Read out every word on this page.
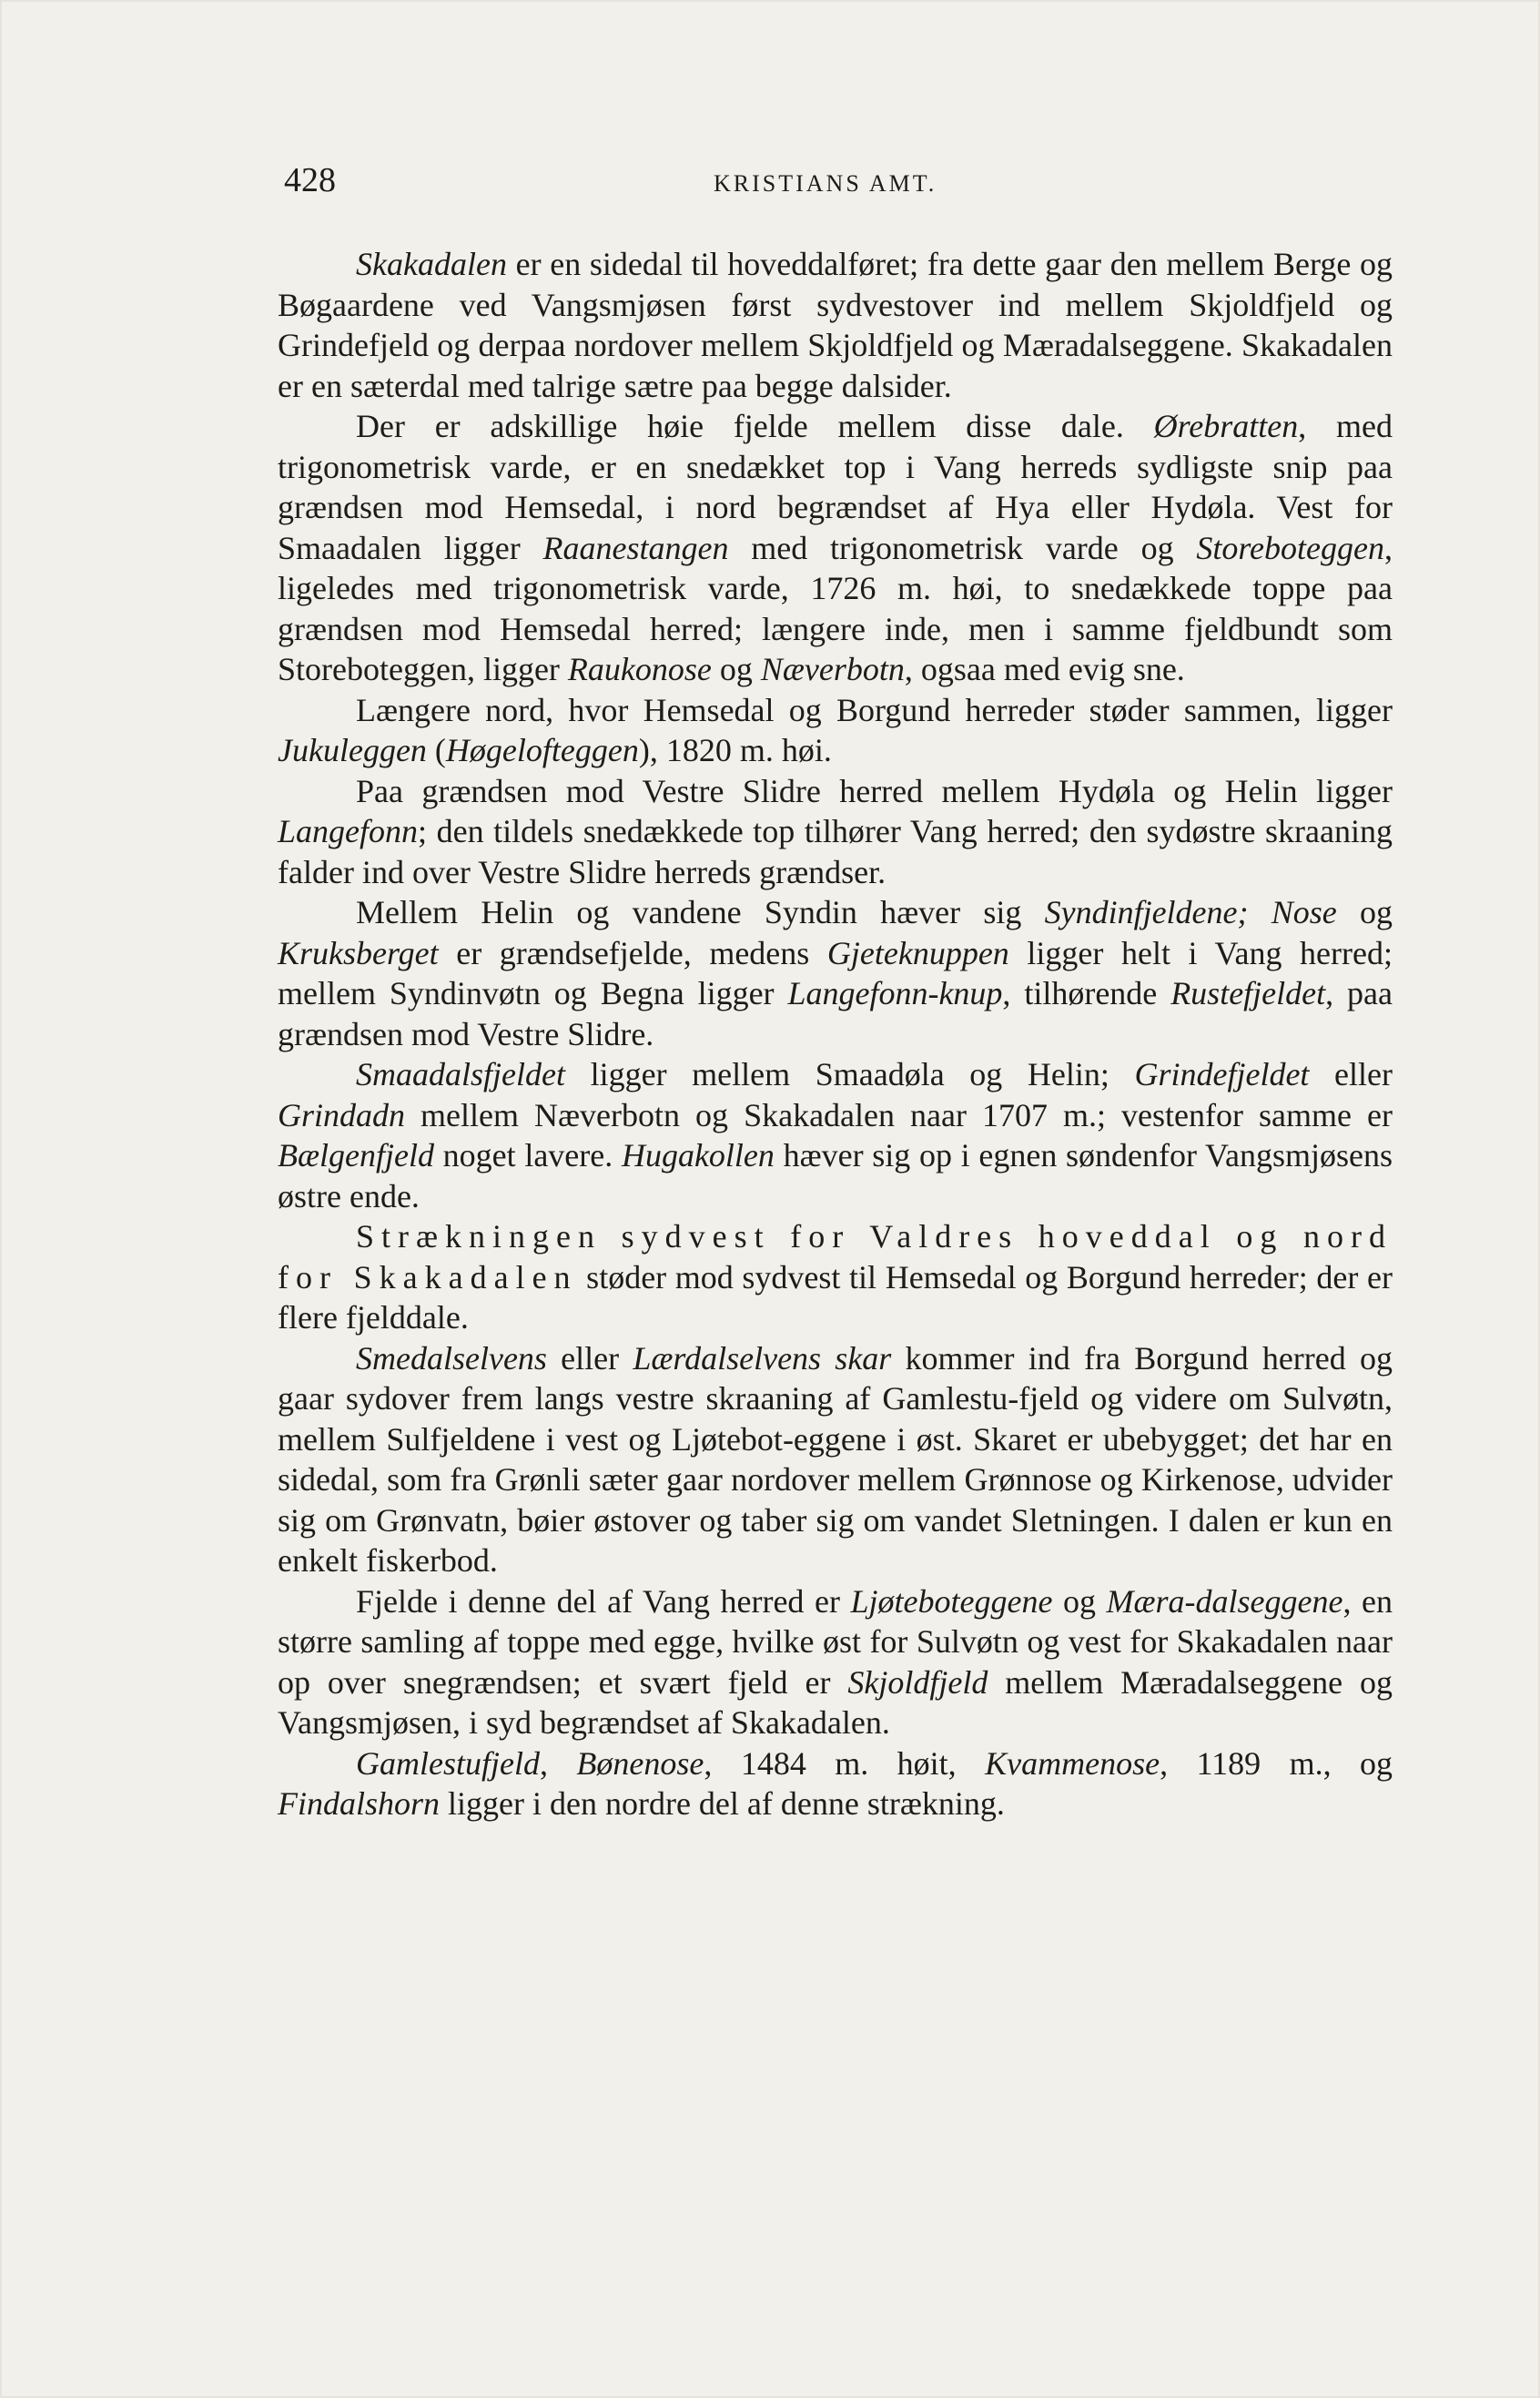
428	KRISTIANS AMT.

Skakadalen er en sidedal til hoveddalføret; fra dette gaar den mellem Berge og Bøgaardene ved Vangsmjøsen først sydvestover ind mellem Skjoldfjeld og Grindefjeld og derpaa nordover mellem Skjoldfjeld og Mæradalseggene. Skakadalen er en sæterdal med talrige sætre paa begge dalsider.

Der er adskillige høie fjelde mellem disse dale. Ørebratten, med trigonometrisk varde, er en snedækket top i Vang herreds sydligste snip paa grændsen mod Hemsedal, i nord begrændset af Hya eller Hydøla. Vest for Smaadalen ligger Raanestangen med trigonometrisk varde og Storeboteggen, ligeledes med trigonometrisk varde, 1726 m. høi, to snedækkede toppe paa grændsen mod Hemsedal herred; længere inde, men i samme fjeldbundt som Storeboteggen, ligger Raukonose og Næverbotn, ogsaa med evig sne.

Længere nord, hvor Hemsedal og Borgund herreder støder sammen, ligger Jukuleggen (Høgelofteggen), 1820 m. høi.

Paa grændsen mod Vestre Slidre herred mellem Hydøla og Helin ligger Langefonn; den tildels snedækkede top tilhører Vang herred; den sydøstre skraaning falder ind over Vestre Slidre herreds grændser.

Mellem Helin og vandene Syndin hæver sig Syndinfjeldene; Nose og Kruksberget er grændsefjelde, medens Gjeteknuppen ligger helt i Vang herred; mellem Syndinvøtn og Begna ligger Langefonn-knup, tilhørende Rustefjeldet, paa grændsen mod Vestre Slidre.

Smaadalsfjeldet ligger mellem Smaadøla og Helin; Grindefjeldet eller Grindadn mellem Næverbotn og Skakadalen naar 1707 m.; vestenfor samme er Bælgenfjeld noget lavere. Hugakollen hæver sig op i egnen søndenfor Vangsmjøsens østre ende.

Strækningen sydvest for Valdres hoveddal og nord for Skakadalen støder mod sydvest til Hemsedal og Borgund herreder; der er flere fjelddale.

Smedalselvens eller Lærdalselvens skar kommer ind fra Borgund herred og gaar sydover frem langs vestre skraaning af Gamlestu-fjeld og videre om Sulvøtn, mellem Sulfjeldene i vest og Ljøtebot-eggene i øst. Skaret er ubebygget; det har en sidedal, som fra Grønli sæter gaar nordover mellem Grønnose og Kirkenose, udvider sig om Grønvatn, bøier østover og taber sig om vandet Sletningen. I dalen er kun en enkelt fiskerbod.

Fjelde i denne del af Vang herred er Ljøteboteggene og Mæra-dalseggene, en større samling af toppe med egge, hvilke øst for Sulvøtn og vest for Skakadalen naar op over snegrændsen; et svært fjeld er Skjoldfjeld mellem Mæradalseggene og Vangsmjøsen, i syd begrændset af Skakadalen.

Gamlestufjeld, Bønenose, 1484 m. høit, Kvammenose, 1189 m., og Findalshorn ligger i den nordre del af denne strækning.
